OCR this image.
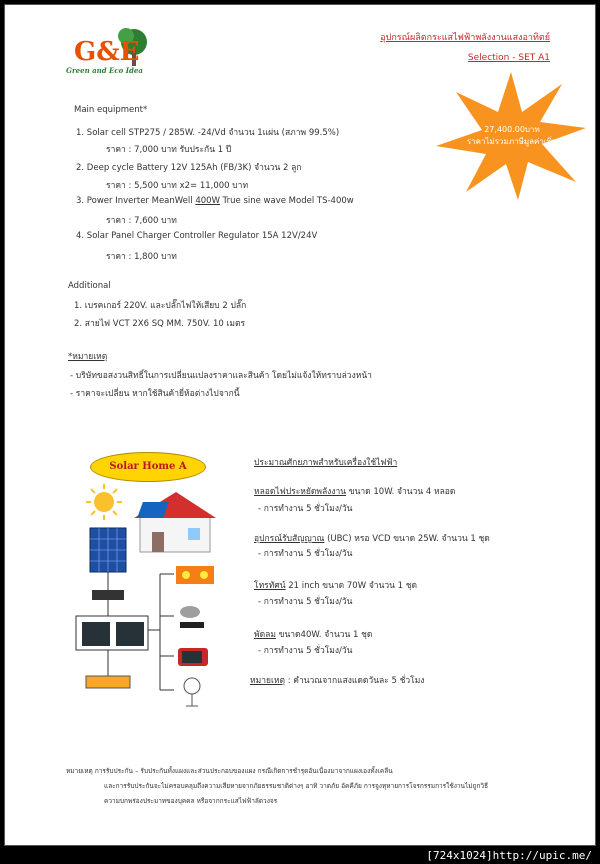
G&E
Green and Eco Idea
อุปกรณ์ผลิตกระแสไฟฟ้าพลังงานแสงอาทิตย์
Selection - SET A1
27,400.00บาท
ราคาไม่รวมภาษีมูลค่าเพิ่ม
Main equipment*
1. Solar cell STP275 / 285W. -24/Vd จำนวน 1แผ่น (สภาพ 99.5%)
ราคา : 7,000 บาท รับประกัน 1 ปี
2. Deep cycle Battery 12V 125Ah (FB/3K) จำนวน 2 ลูก
ราคา : 5,500 บาท x2= 11,000 บาท
3. Power Inverter MeanWell 400W True sine wave Model TS-400w
ราคา : 7,600 บาท
4. Solar Panel Charger Controller Regulator 15A 12V/24V
ราคา : 1,800 บาท
Additional
1. เบรคเกอร์ 220V. และปลั๊กไฟให้เสียบ 2 ปลั๊ก
2. สายไฟ VCT 2X6 SQ MM. 750V. 10 เมตร
*หมายเหตุ
- บริษัทขอสงวนสิทธิ์ในการเปลี่ยนแปลงราคาและสินค้า โดยไม่แจ้งให้ทราบล่วงหน้า
- ราคาจะเปลี่ยน หากใช้สินค้ายี่ห้อต่างไปจากนี้
Solar Home A	ประมาณศักยภาพสำหรับเครื่องใช้ไฟฟ้า
หลอดไฟประหยัดพลังงาน ขนาด 10W. จำนวน 4 หลอด
- การทำงาน 5 ชั่วโมง/วัน
อุปกรณ์รับสัญญาณ (UBC) หรอ VCD ขนาด 25W. จำนวน 1 ชุด
- การทำงาน 5 ชั่วโมง/วัน
โทรทัศน์ 21 inch ขนาด 70W จำนวน 1 ชุด
- การทำงาน 5 ชั่วโมง/วัน
พัดลม ขนาด40W. จำนวน 1 ชุด
- การทำงาน 5 ชั่วโมง/วัน
หมายเหตุ : คำนวณจากแสงแดดวันละ 5 ชั่วโมง
หมายเหตุ การรับประกัน – รับประกันทั้งแผงและส่วนประกอบของแผง กรณีเกิดการชำรุดอันเนื่องมาจากแผงเองทั้งเคลีน
และการรับประกันจะไม่ครอบคลุมถึงความเสียหายจากภัยธรรมชาติต่างๆ อาทิ วาตภัย อัคคีภัย การจูงทุหายการโจรกรรมการใช้งานไม่ถูกวิธี
ความบกพร่องประมาทของบุคคล หรือจากกระแสไฟฟ้าลัดวงจร
[724x1024]http://upic.me/
